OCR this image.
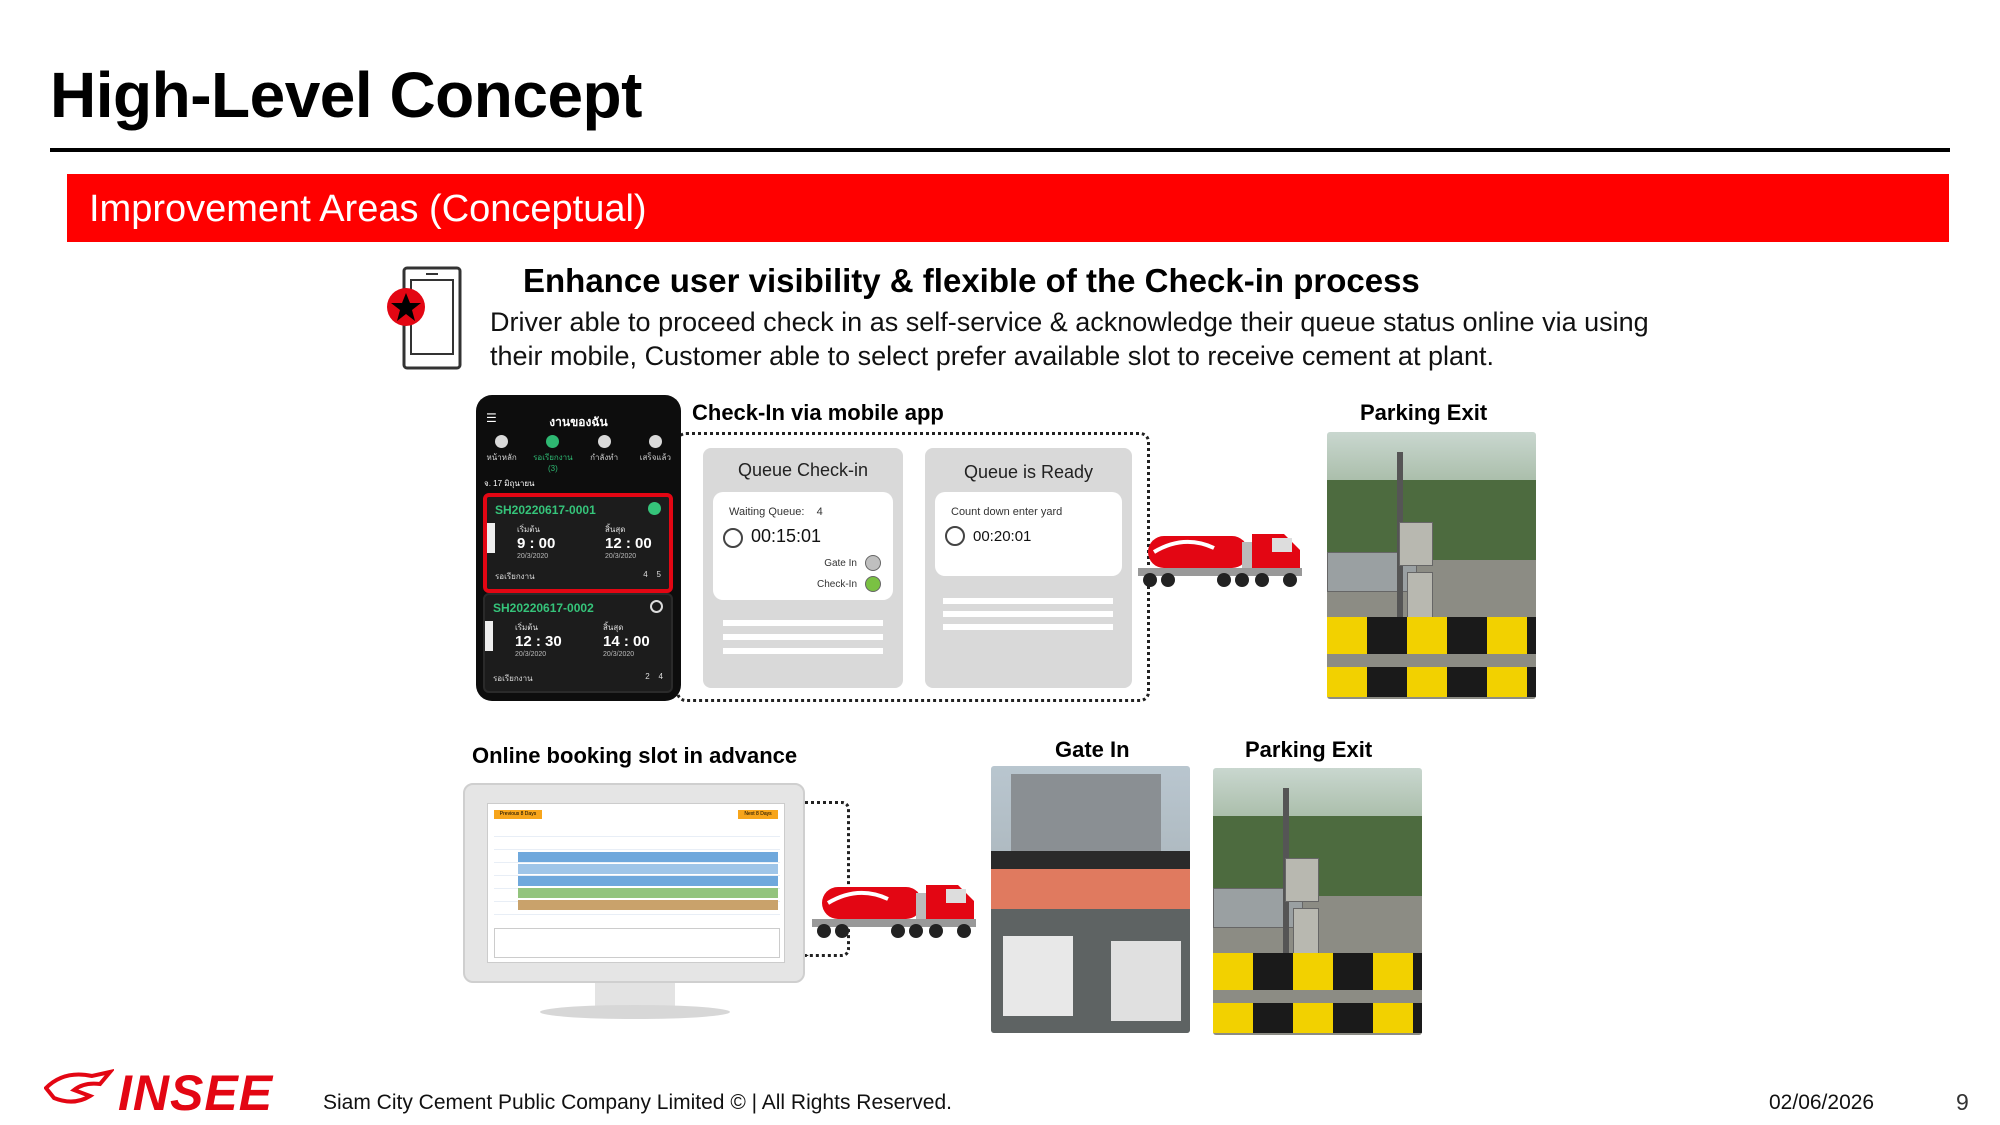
High-Level Concept
Improvement Areas (Conceptual)
Enhance user visibility & flexible of the Check-in process
Driver able to proceed check in as self-service & acknowledge their queue status online via using their mobile, Customer able to select prefer available slot to receive cement at plant.
Check-In via mobile app	Parking Exit
Online booking slot in advance	Gate In	Parking Exit
☰	งานของฉัน
หน้าหลัก	รอเรียกงาน (3)
กำลังทำ	เสร็จแล้ว
จ. 17 มิถุนายน
SH20220617-0001
เริ่มต้น	สิ้นสุด
9 : 00	12 : 00
20/3/2020	20/3/2020
รอเรียกงาน	4 5
SH20220617-0002
เริ่มต้น	สิ้นสุด
12 : 30	14 : 00
20/3/2020	20/3/2020
รอเรียกงาน	2 4
Queue Check-in
Waiting Queue: 4
00:15:01
Gate In
Check-In
Queue is Ready
Count down enter yard
00:20:01
Previous 8 Days	Next 8 Days
INSEE Siam City Cement Public Company Limited © | All Rights Reserved.	02/06/2026	9
